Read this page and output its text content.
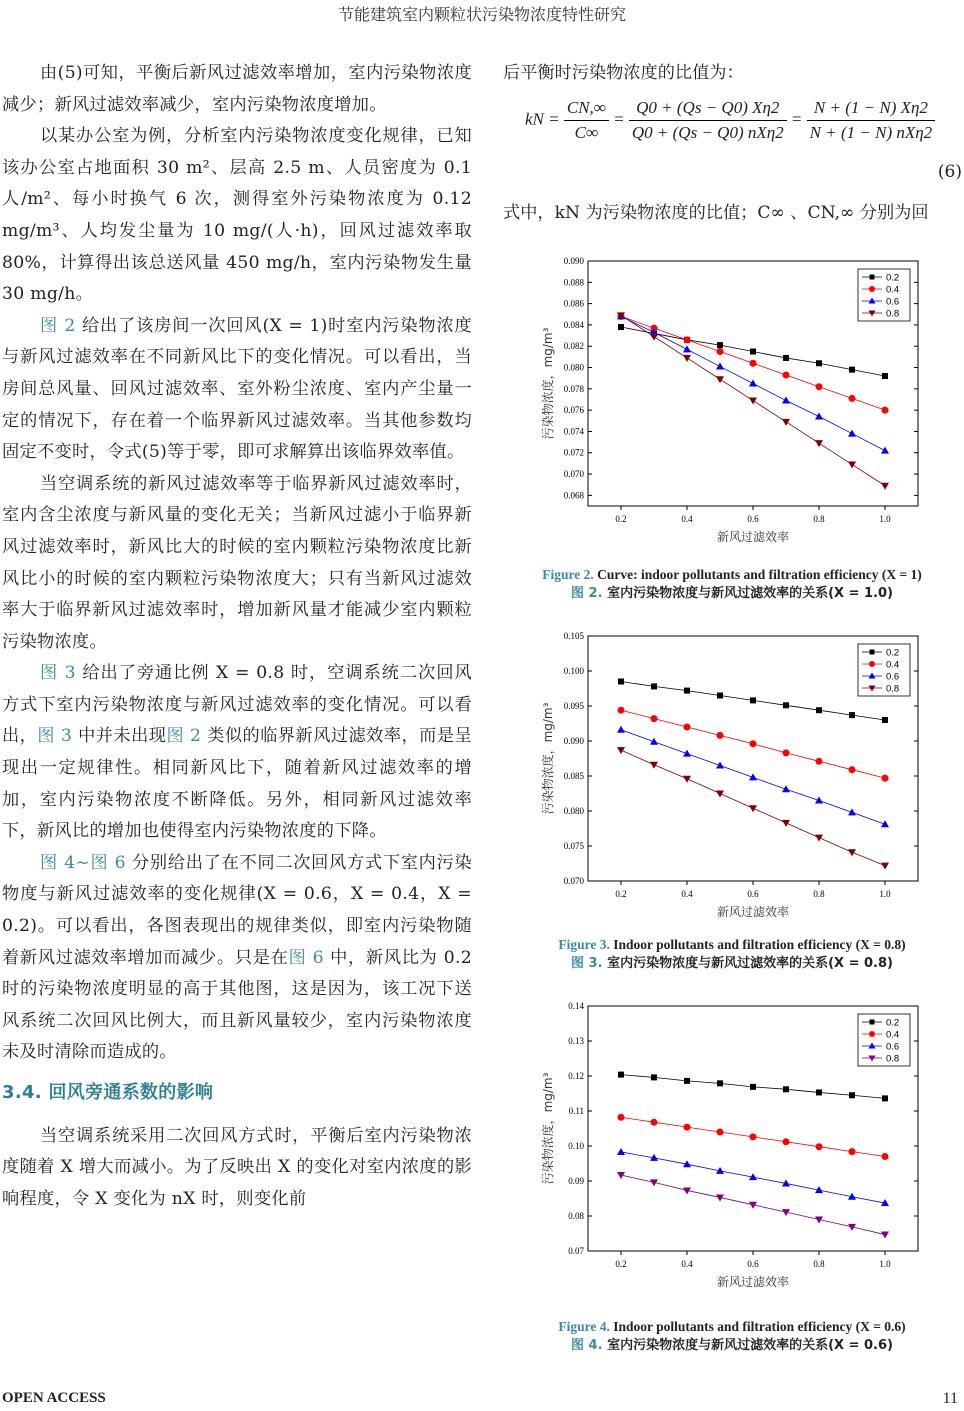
节能建筑室内颗粒状污染物浓度特性研究

由(5)可知，平衡后新风过滤效率增加，室内污染物浓度减少；新风过滤效率减少，室内污染物浓度增加。

以某办公室为例，分析室内污染物浓度变化规律，已知该办公室占地面积 30 m²、层高 2.5 m、人员密度为 0.1 人/m²、每小时换气 6 次，测得室外污染物浓度为 0.12 mg/m³、人均发尘量为 10 mg/(人·h)，回风过滤效率取 80%，计算得出该总送风量 450 mg/h，室内污染物发生量 30 mg/h。

图 2 给出了该房间一次回风(X = 1)时室内污染物浓度与新风过滤效率在不同新风比下的变化情况。可以看出，当房间总风量、回风过滤效率、室外粉尘浓度、室内产尘量一定的情况下，存在着一个临界新风过滤效率。当其他参数均固定不变时，令式(5)等于零，即可求解算出该临界效率值。

当空调系统的新风过滤效率等于临界新风过滤效率时，室内含尘浓度与新风量的变化无关；当新风过滤小于临界新风过滤效率时，新风比大的时候的室内颗粒污染物浓度比新风比小的时候的室内颗粒污染物浓度大；只有当新风过滤效率大于临界新风过滤效率时，增加新风量才能减少室内颗粒污染物浓度。

图 3 给出了旁通比例 X = 0.8 时，空调系统二次回风方式下室内污染物浓度与新风过滤效率的变化情况。可以看出，图 3 中并未出现图 2 类似的临界新风过滤效率，而是呈现出一定规律性。相同新风比下，随着新风过滤效率的增加，室内污染物浓度不断降低。另外，相同新风过滤效率下，新风比的增加也使得室内污染物浓度的下降。

图 4~图 6 分别给出了在不同二次回风方式下室内污染物度与新风过滤效率的变化规律(X = 0.6，X = 0.4，X = 0.2)。可以看出，各图表现出的规律类似，即室内污染物随着新风过滤效率增加而减少。只是在图 6 中，新风比为 0.2 时的污染物浓度明显的高于其他图，这是因为，该工况下送风系统二次回风比例大，而且新风量较少，室内污染物浓度未及时清除而造成的。

3.4. 回风旁通系数的影响

当空调系统采用二次回风方式时，平衡后室内污染物浓度随着 X 增大而减小。为了反映出 X 的变化对室内浓度的影响程度，令 X 变化为 nX 时，则变化前

后平衡时污染物浓度的比值为：
kN = $\frac{CN,\infty}{C\infty}$ =
Q0 + (Qs − Q0) Xη2
Q0 + (Qs − Q0) nXη2
=
N + (1 − N) Xη2
N + (1 − N) nXη2
(6)
式中，kN 为污染物浓度的比值；C∞ 、CN,∞ 分别为回
0.068
0.070
0.072
0.074
0.076
0.078
0.080
0.082
0.084
0.086
0.088
0.090
0.2	0.4	0.6	0.8	1.0
新风过滤效率
污染物浓度，mg/m³
0.2
0.4
0.6
0.8
Figure 2. Curve: indoor pollutants and filtration efficiency (X = 1)
图 2. 室内污染物浓度与新风过滤效率的关系(X = 1.0)
0.070
0.075
0.080
0.085
0.090
0.095
0.100
0.105
0.2	0.4	0.6	0.8	1.0
新风过滤效率
污染物浓度，mg/m³
0.2
0.4
0.6
0.8
Figure 3. Indoor pollutants and filtration efficiency (X = 0.8)
图 3. 室内污染物浓度与新风过滤效率的关系(X = 0.8)
0.07
0.08
0.09
0.10
0.11
0.12
0.13
0.14
0.2	0.4	0.6	0.8	1.0
新风过滤效率
污染物浓度，mg/m³
0.2
0.4
0.6
0.8
Figure 4. Indoor pollutants and filtration efficiency (X = 0.6)
图 4. 室内污染物浓度与新风过滤效率的关系(X = 0.6)
OPEN ACCESS	11
